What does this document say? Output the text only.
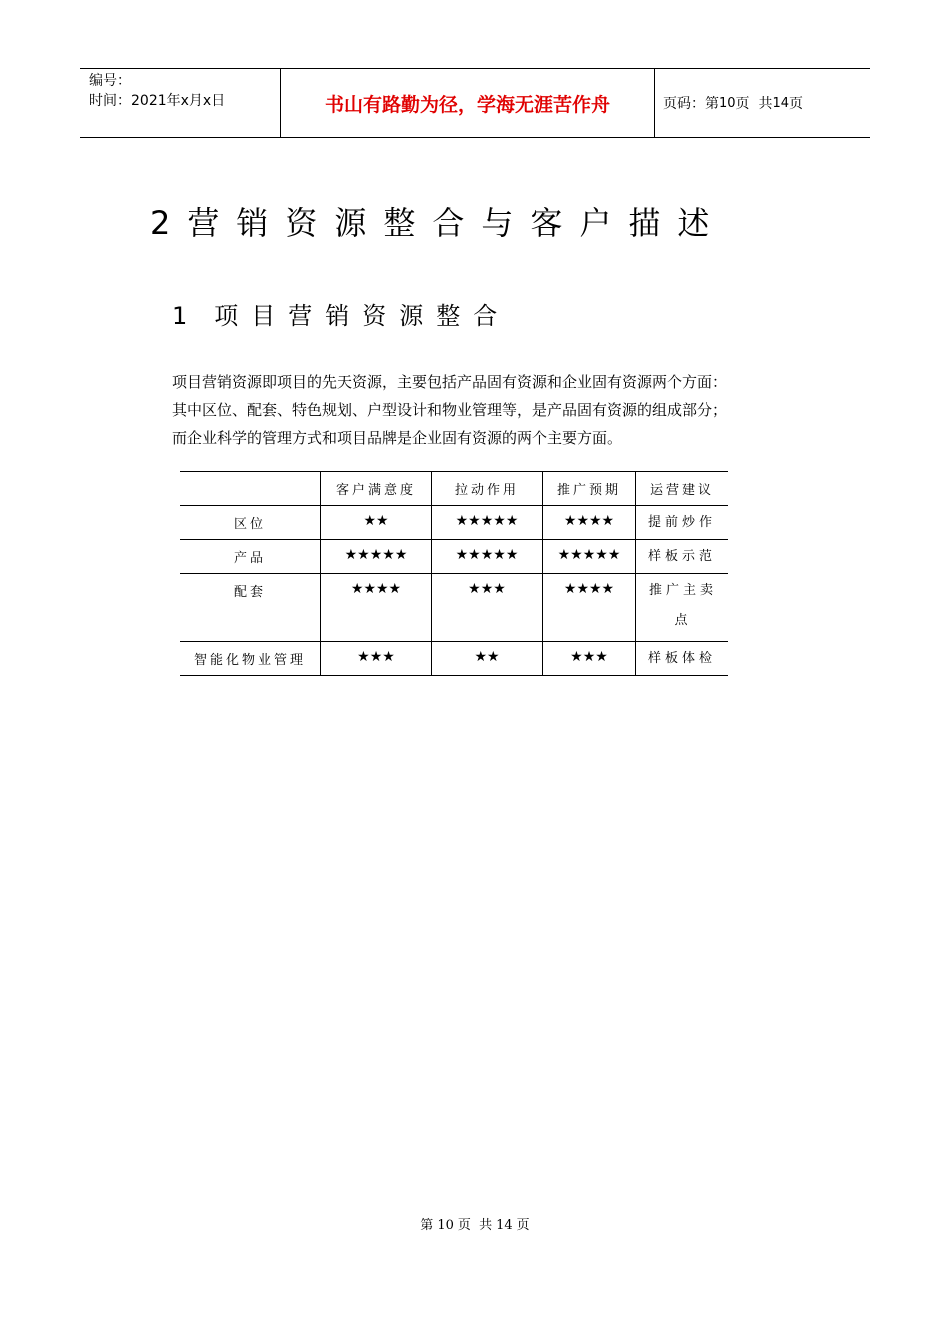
编号：
时间：2021年x月x日	书山有路勤为径，学海无涯苦作舟	页码：第 10 页  共 14 页
2营销资源整合与客户描述
1 项目营销资源整合
项目营销资源即项目的先天资源，主要包括产品固有资源和企业固有资源两个方面：
其中区位、配套、特色规划、户型设计和物业管理等，是产品固有资源的组成部分；
而企业科学的管理方式和项目品牌是企业固有资源的两个主要方面。

	客户满意度	拉动作用	推广预期	运营建议

区位	★★	★★★★★	★★★★	提前炒作

产品	★★★★★	★★★★★	★★★★★	样板示范

配套	★★★★	★★★	★★★★	推广主卖点

智能化物业管理	★★★	★★	★★★	样板体检
第 10 页  共 14 页
